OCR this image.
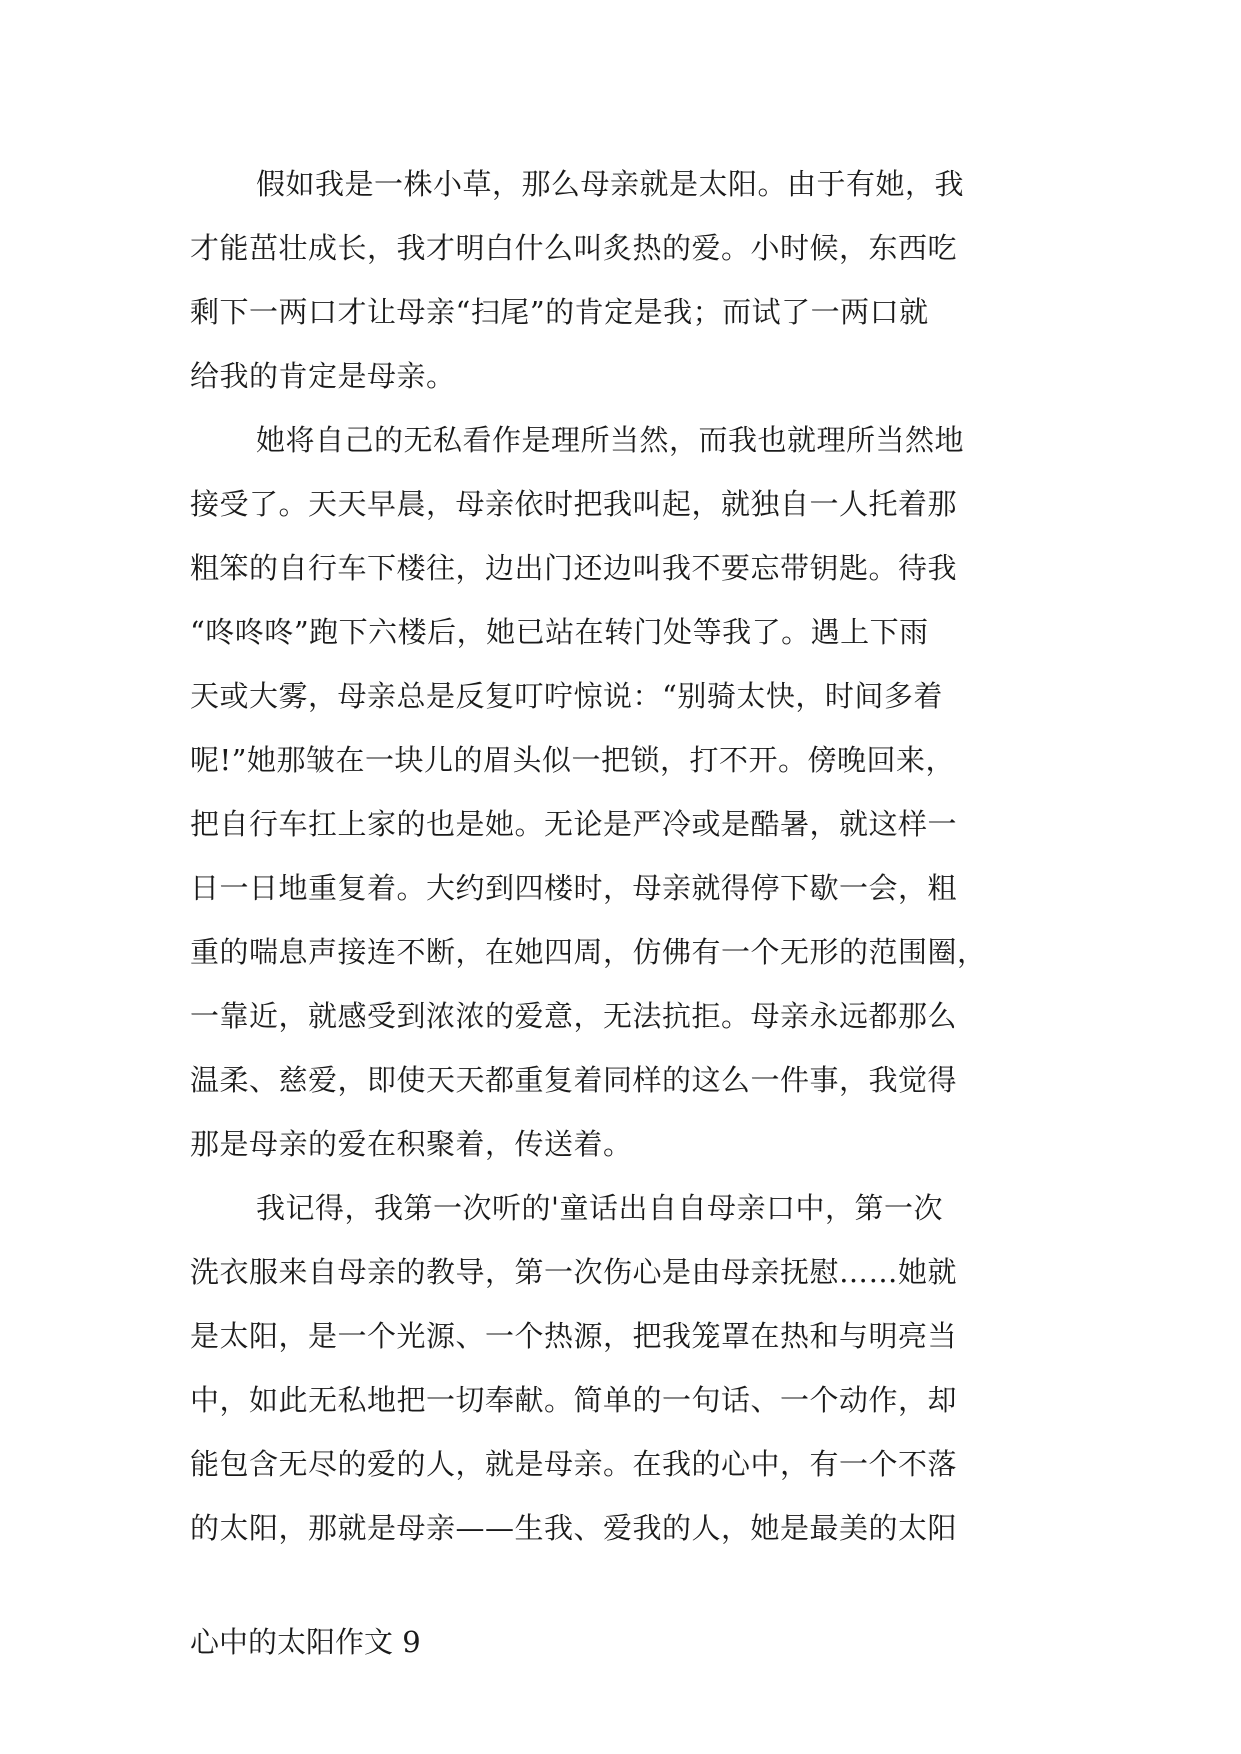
假如我是一株小草，那么母亲就是太阳。由于有她，我
才能茁壮成长，我才明白什么叫炙热的爱。小时候，东西吃
剩下一两口才让母亲“扫尾”的肯定是我；而试了一两口就
给我的肯定是母亲。
她将自己的无私看作是理所当然，而我也就理所当然地
接受了。天天早晨，母亲依时把我叫起，就独自一人托着那
粗笨的自行车下楼往，边出门还边叫我不要忘带钥匙。待我
“咚咚咚”跑下六楼后，她已站在转门处等我了。遇上下雨
天或大雾，母亲总是反复叮咛惊说：“别骑太快，时间多着
呢!”她那皱在一块儿的眉头似一把锁，打不开。傍晚回来，
把自行车扛上家的也是她。无论是严冷或是酷暑，就这样一
日一日地重复着。大约到四楼时，母亲就得停下歇一会，粗
重的喘息声接连不断，在她四周，仿佛有一个无形的范围圈，
一靠近，就感受到浓浓的爱意，无法抗拒。母亲永远都那么
温柔、慈爱，即使天天都重复着同样的这么一件事，我觉得
那是母亲的爱在积聚着，传送着。
我记得，我第一次听的'童话出自自母亲口中，第一次
洗衣服来自母亲的教导，第一次伤心是由母亲抚慰……她就
是太阳，是一个光源、一个热源，把我笼罩在热和与明亮当
中，如此无私地把一切奉献。简单的一句话、一个动作，却
能包含无尽的爱的人，就是母亲。在我的心中，有一个不落
的太阳，那就是母亲——生我、爱我的人，她是最美的太阳
心中的太阳作文 9
